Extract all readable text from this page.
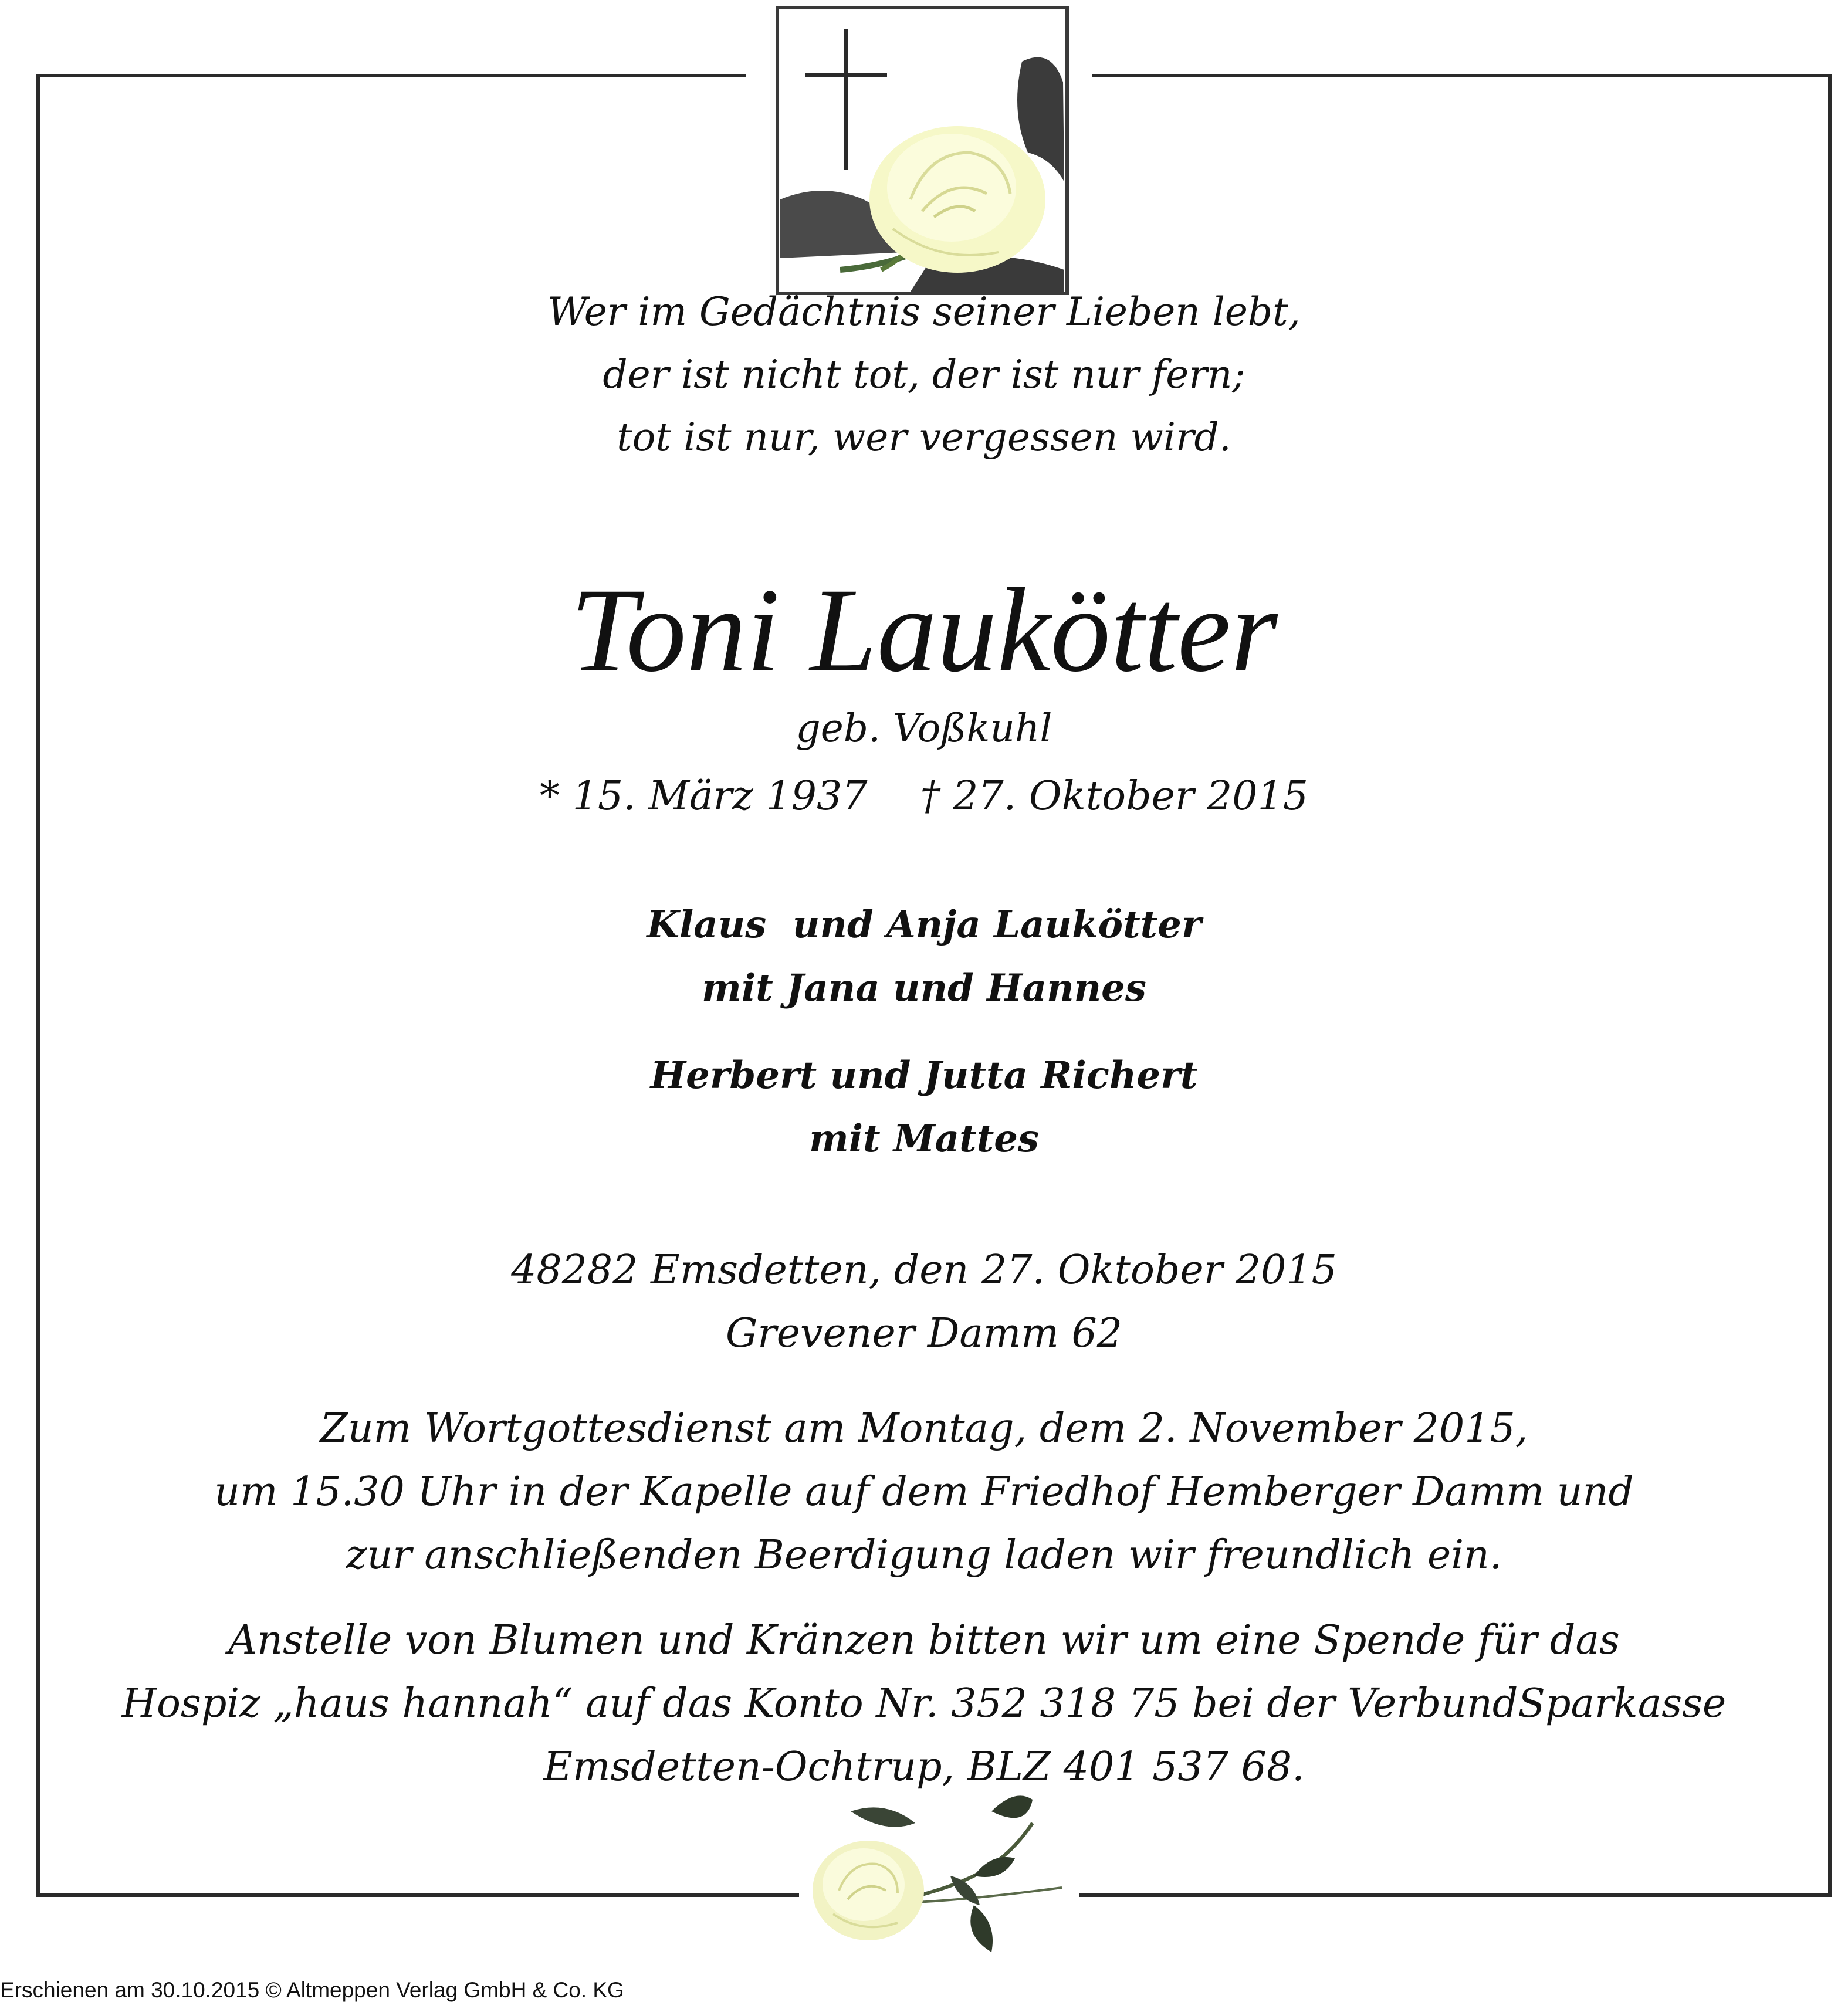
Wer im Gedächtnis seiner Lieben lebt,
der ist nicht tot, der ist nur fern;
tot ist nur, wer vergessen wird.
Toni Laukötter
geb. Voßkuhl
* 15. März 1937 † 27. Oktober 2015
Klaus  und Anja Laukötter
mit Jana und Hannes
Herbert und Jutta Richert
mit Mattes
48282 Emsdetten, den 27. Oktober 2015
Grevener Damm 62
Zum Wortgottesdienst am Montag, dem 2. November 2015,
um 15.30 Uhr in der Kapelle auf dem Friedhof Hemberger Damm und
zur anschließenden Beerdigung laden wir freundlich ein.
Anstelle von Blumen und Kränzen bitten wir um eine Spende für das
Hospiz „haus hannah“ auf das Konto Nr. 352 318 75 bei der VerbundSparkasse
Emsdetten-Ochtrup, BLZ 401 537 68.
Erschienen am 30.10.2015 © Altmeppen Verlag GmbH & Co. KG
